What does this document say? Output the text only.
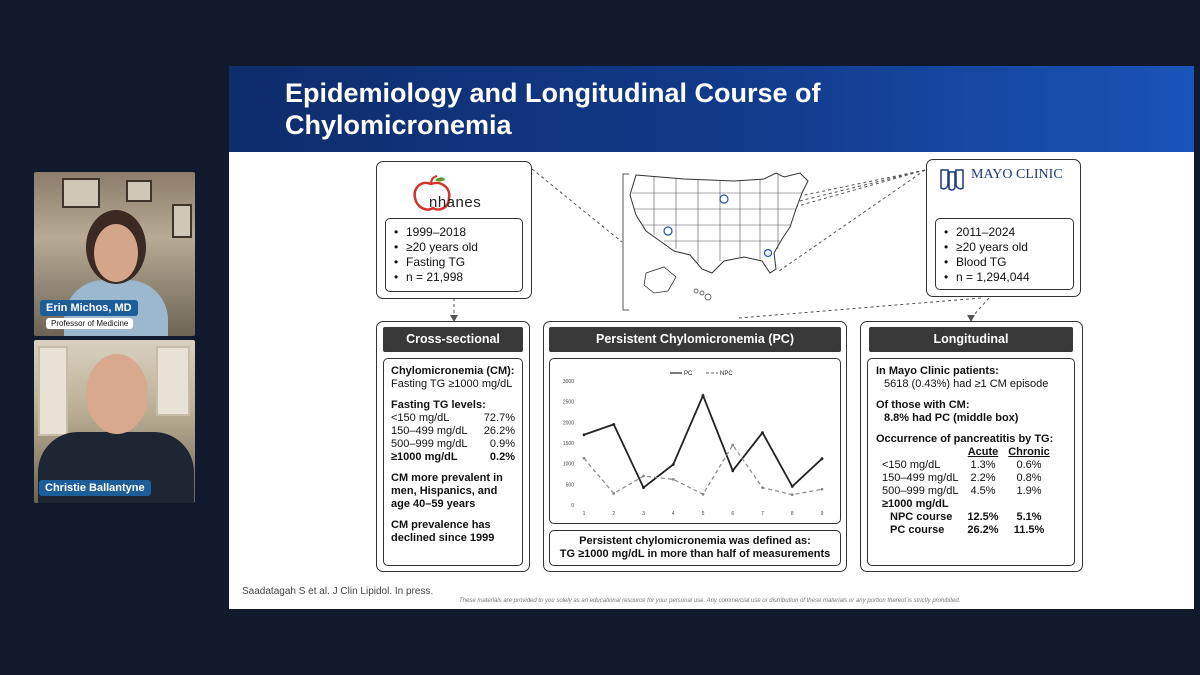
Erin Michos, MD
Professor of Medicine
Christie Ballantyne
Epidemiology and Longitudinal Course of
Chylomicronemia
nhanes
• 1999–2018
• ≥20 years old
• Fasting TG
• n = 21,998
MAYO CLINIC
• 2011–2024
• ≥20 years old
• Blood TG
• n = 1,294,044
Cross-sectional
Chylomicronemia (CM):
Fasting TG ≥1000 mg/dL
Fasting TG levels:
<150 mg/dL	72.7%
150–499 mg/dL 26.2%
500–999 mg/dL 0.9%
≥1000 mg/dL	0.2%
CM more prevalent in
men, Hispanics, and
age 40–59 years
CM prevalence has
declined since 1999
Persistent Chylomicronemia (PC)
0
500
1000
1500
2000
2500
3000
1	2	3	4	5	6	7	8	9
PC	NPC
Persistent chylomicronemia was defined as:
TG ≥1000 mg/dL in more than half of measurements
Longitudinal
In Mayo Clinic patients:
5618 (0.43%) had ≥1 CM episode
Of those with CM:
8.8% had PC (middle box)
Occurrence of pancreatitis by TG:
Acute Chronic
<150 mg/dL	1.3%	0.6%
150–499 mg/dL	2.2%	0.8%
500–999 mg/dL	4.5%	1.9%
≥1000 mg/dL
NPC course	12.5%	5.1%
PC course	26.2%	11.5%
Saadatagah S et al. J Clin Lipidol. In press.
These materials are provided to you solely as an educational resource for your personal use. Any commercial use or distribution of these materials or any portion thereof is strictly prohibited.
